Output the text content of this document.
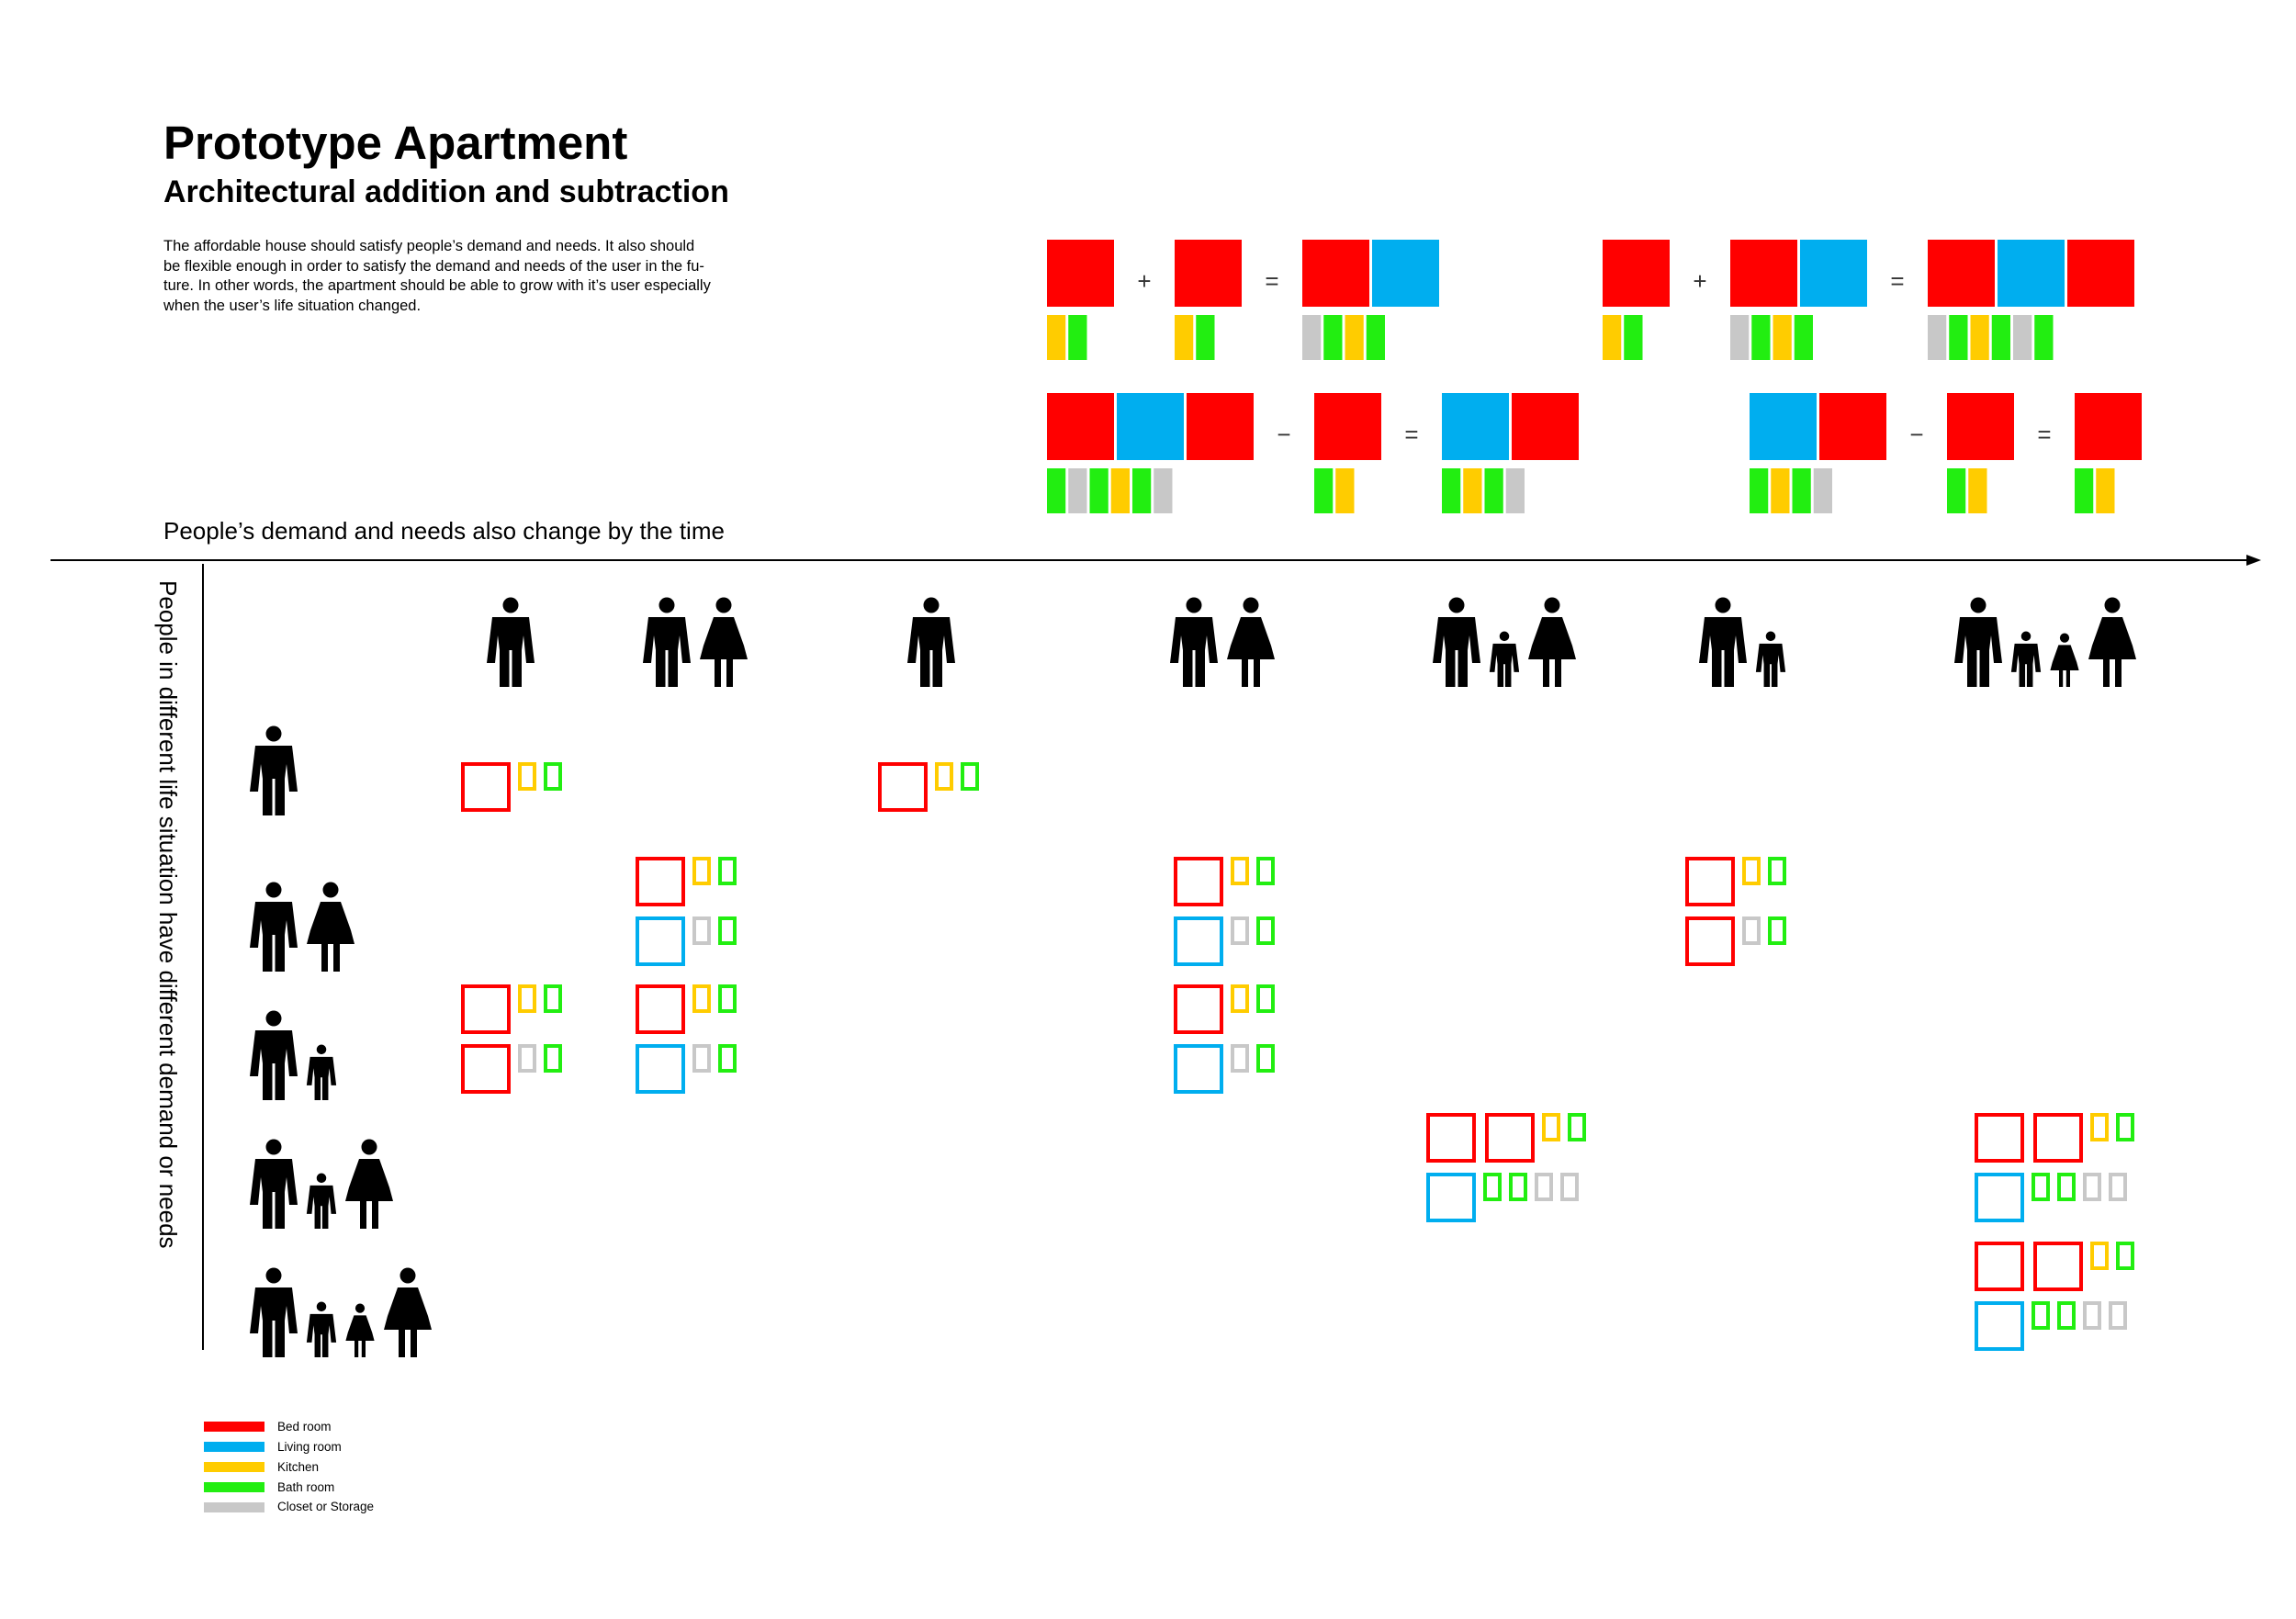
+	=	+	=
−	=	−	=
Prototype Apartment
Architectural addition and subtraction

The affordable house should satisfy people’s demand and needs. It also should

be flexible enough in order to satisfy the demand and needs of the user in the fu-

ture. In other words, the apartment should be able to grow with it’s user especially

when the user’s life situation changed.

People’s demand and needs also change by the time
People in different life situation have different demand or needs
Bed room
Living room
Kitchen
Bath room
Closet or Storage
